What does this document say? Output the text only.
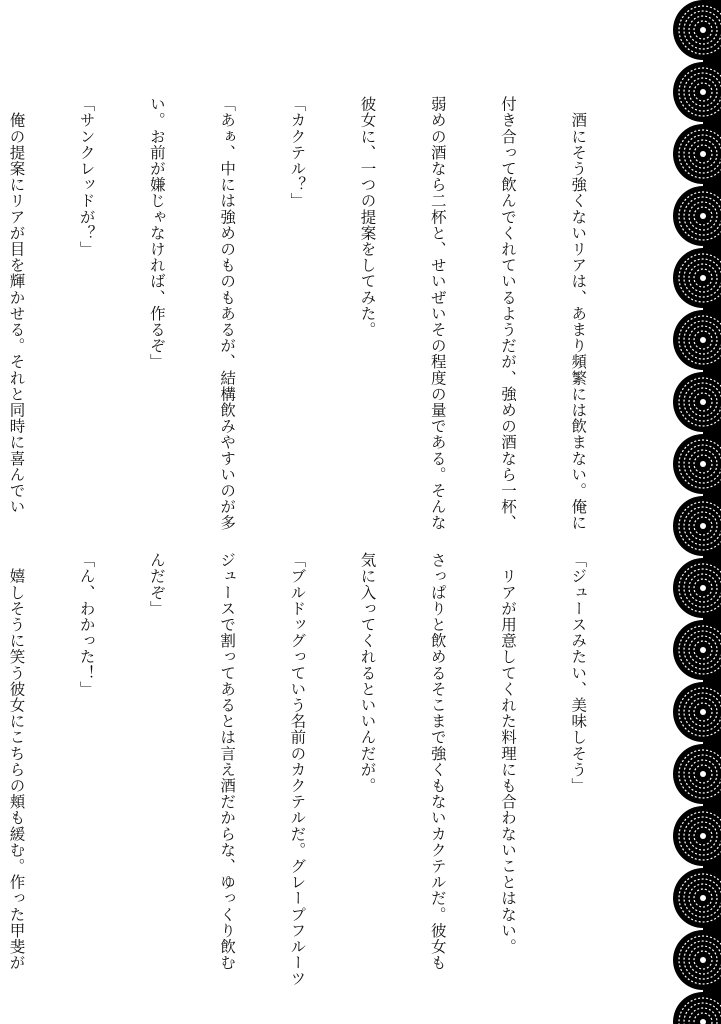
　酒にそう強くないリアは、あまり頻繁には飲まない。俺に

付き合って飲んでくれているようだが、強めの酒なら一杯、

弱めの酒なら二杯と、せいぜいその程度の量である。そんな

彼女に、一つの提案をしてみた。

「カクテル？」

「あぁ、中には強めのものもあるが、結構飲みやすいのが多

い。お前が嫌じゃなければ、作るぞ」

「サンクレッドが？」

　俺の提案にリアが目を輝かせる。それと同時に喜んでい

「ジュースみたい、美味しそう」

　リアが用意してくれた料理にも合わないことはない。

さっぱりと飲めるそこまで強くもないカクテルだ。彼女も

気に入ってくれるといいんだが。

「ブルドッグっていう名前のカクテルだ。グレープフルーツ

ジュースで割ってあるとは言え酒だからな、ゆっくり飲む

んだぞ」

「ん、わかった！」

　嬉しそうに笑う彼女にこちらの頬も緩む。作った甲斐が
